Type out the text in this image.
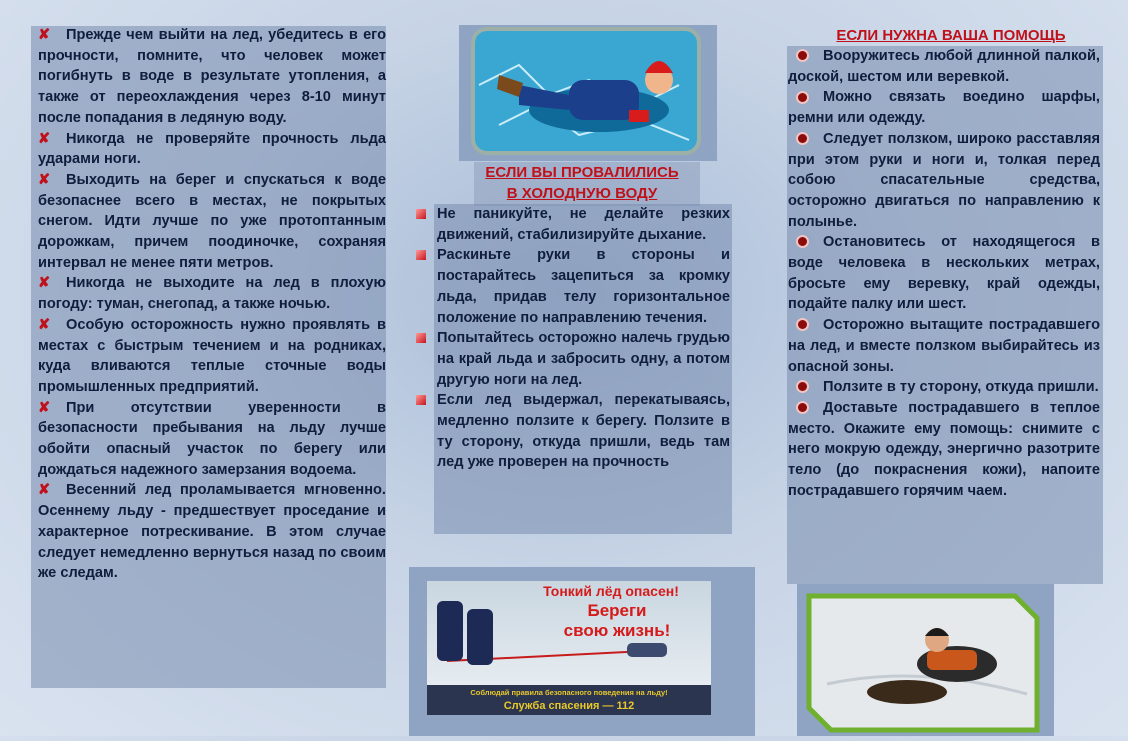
✘ Прежде чем выйти на лед, убедитесь в его прочности, помните, что человек может погибнуть в воде в результате утопления, а также от переохлаждения через 8-10 минут после попадания в ледяную воду.

✘ Никогда не проверяйте прочность льда ударами ноги.

✘ Выходить на берег и спускаться к воде безопаснее всего в местах, не покрытых снегом. Идти лучше по уже протоптанным дорожкам, причем поодиночке, сохраняя интервал не менее пяти метров.

✘ Никогда не выходите на лед в плохую погоду: туман, снегопад, а также ночью.

✘ Особую осторожность нужно проявлять в местах с быстрым течением и на родниках, куда вливаются теплые сточные воды промышленных предприятий.

✘ При отсутствии уверенности в безопасности пребывания на льду лучше обойти опасный участок по берегу или дождаться надежного замерзания водоема.

✘ Весенний лед проламывается мгновенно. Осеннему льду - предшествует проседание и характерное потрескивание. В этом случае следует немедленно вернуться назад по своим же следам.

ЕСЛИ ВЫ ПРОВАЛИЛИСЬ
В ХОЛОДНУЮ ВОДУ

Не паникуйте, не делайте резких движений, стабилизируйте дыхание.

Раскиньте руки в стороны и постарайтесь зацепиться за кромку льда, придав телу горизонтальное положение по направлению течения.

Попытайтесь осторожно налечь грудью на край льда и забросить одну, а потом другую ноги на лед.

Если лед выдержал, перекатываясь, медленно ползите к берегу. Ползите в ту сторону, откуда пришли, ведь там лед уже проверен на прочность

Тонкий лёд опасен!
Береги
свою жизнь!
Соблюдай правила безопасного поведения на льду!
Служба спасения — 112
ЕСЛИ НУЖНА ВАША ПОМОЩЬ

Вооружитесь любой длинной палкой, доской, шестом или веревкой.

Можно связать воедино шарфы, ремни или одежду.

Следует ползком, широко расставляя при этом руки и ноги и, толкая перед собою спасательные средства, осторожно двигаться по направлению к полынье.

Остановитесь от находящегося в воде человека в нескольких метрах, бросьте ему веревку, край одежды, подайте палку или шест.

Осторожно вытащите пострадавшего на лед, и вместе ползком выбирайтесь из опасной зоны.

Ползите в ту сторону, откуда пришли.

Доставьте пострадавшего в теплое место. Окажите ему помощь: снимите с него мокрую одежду, энергично разотрите тело (до покраснения кожи), напоите пострадавшего горячим чаем.
